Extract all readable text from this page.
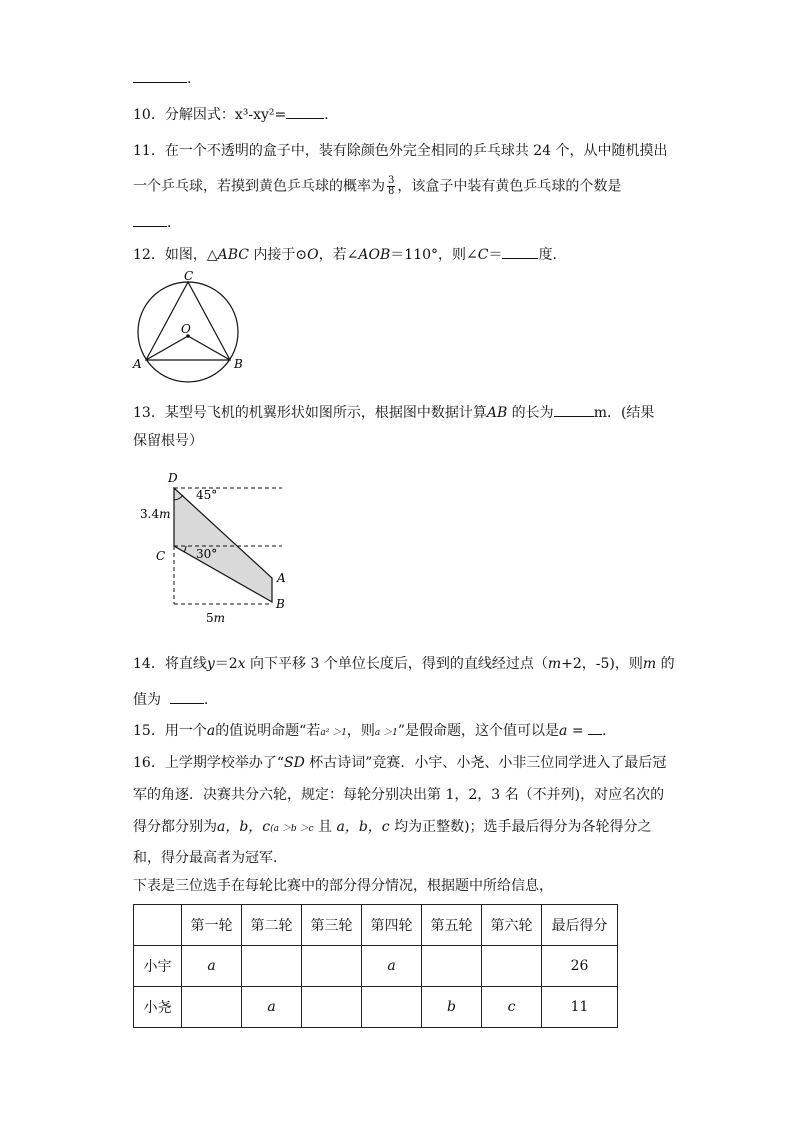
.
10．分解因式：x³-xy²=	．
11．在一个不透明的盒子中，装有除颜色外完全相同的乒乓球共 24 个，从中随机摸出
一个乒乓球，若摸到黄色乒乓球的概率为 $\frac{3}{8}$ ，该盒子中装有黄色乒乓球的个数是
．
12．如图，△ABC 内接于⊙O，若∠AOB＝110°，则∠C＝	度．
C
O
A	B
13．某型号飞机的机翼形状如图所示，根据图中数据计算AB 的长为	m．(结果
保留根号）
D
C
A
B
45°
30°
3.4m
5m
14．将直线y＝2x 向下平移 3 个单位长度后，得到的直线经过点（m+2，-5)，则m 的
值为	.
15．用一个a的值说明命题“若a² ＞1，则a ＞1”是假命题，这个值可以是a = .
16．上学期学校举办了“SD 杯古诗词”竞赛．小宇、小尧、小非三位同学进入了最后冠
军的角逐．决赛共分六轮，规定：每轮分别决出第 1，2，3 名（不并列)，对应名次的
得分都分别为a，b，c(a ＞b ＞c 且 a，b，c 均为正整数)；选手最后得分为各轮得分之
和，得分最高者为冠军．
下表是三位选手在每轮比赛中的部分得分情况，根据题中所给信息，
	第一轮	第二轮	第三轮	第四轮	第五轮	第六轮	最后得分
小宇	a			a			26
小尧		a			b	c	11
